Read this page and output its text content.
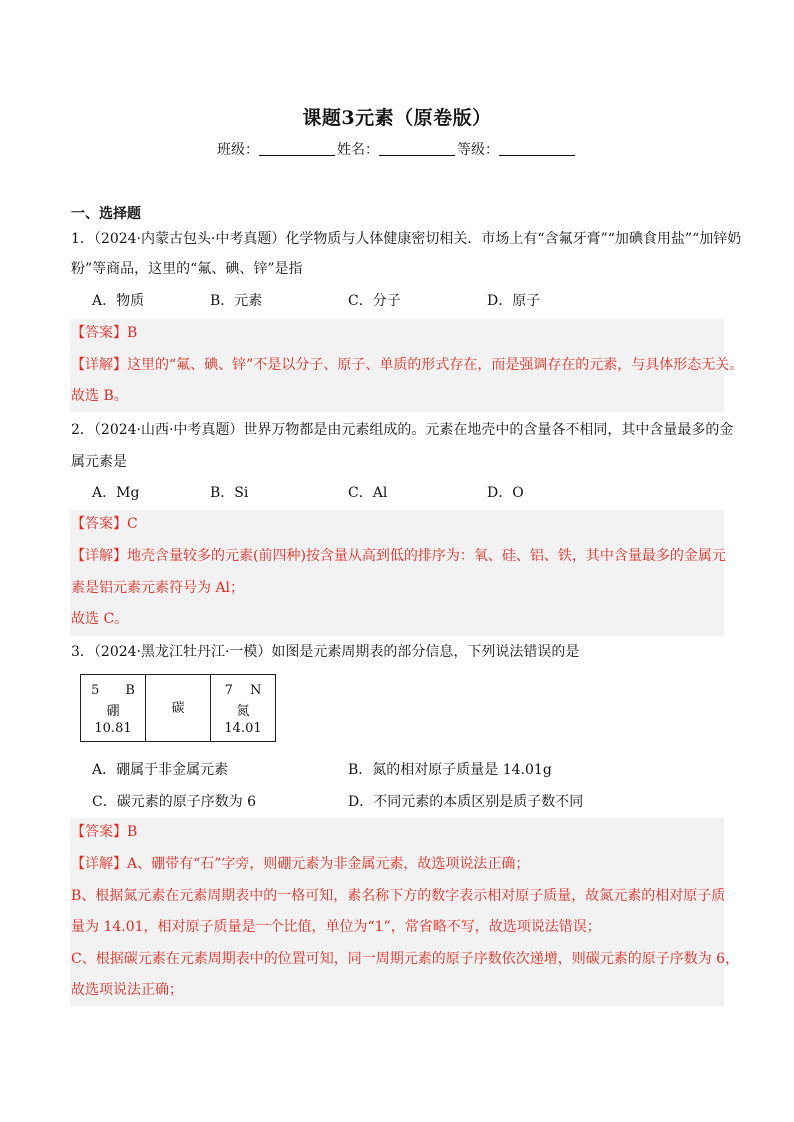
课题3元素（原卷版）
班级：	姓名：	等级：
一、选择题
1．（2024·内蒙古包头·中考真题）化学物质与人体健康密切相关．市场上有“含氟牙膏”“加碘食用盐”“加锌奶
粉”等商品，这里的“氟、碘、锌”是指
A．物质	B．元素	C．分子	D．原子
【答案】B
【详解】这里的“氟、碘、锌”不是以分子、原子、单质的形式存在，而是强调存在的元素，与具体形态无关。
故选 B。
2．（2024·山西·中考真题）世界万物都是由元素组成的。元素在地壳中的含量各不相同，其中含量最多的金
属元素是
A．Mg	B．Si	C．Al	D．O
【答案】C
【详解】地壳含量较多的元素(前四种)按含量从高到低的排序为：氧、硅、铝、铁，其中含量最多的金属元
素是铝元素元素符号为 Al；
故选 C。
3．（2024·黑龙江牡丹江·一模）如图是元素周期表的部分信息，下列说法错误的是
5　　B
硼
10.81

碳

7　 N
氮
14.01
A．硼属于非金属元素	B．氮的相对原子质量是 14.01g
C．碳元素的原子序数为 6	D．不同元素的本质区别是质子数不同
【答案】B
【详解】A、硼带有“石”字旁，则硼元素为非金属元素，故选项说法正确；
B、根据氮元素在元素周期表中的一格可知，素名称下方的数字表示相对原子质量，故氮元素的相对原子质
量为 14.01，相对原子质量是一个比值，单位为“1”，常省略不写，故选项说法错误；
C、根据碳元素在元素周期表中的位置可知，同一周期元素的原子序数依次递增，则碳元素的原子序数为 6，
故选项说法正确；
